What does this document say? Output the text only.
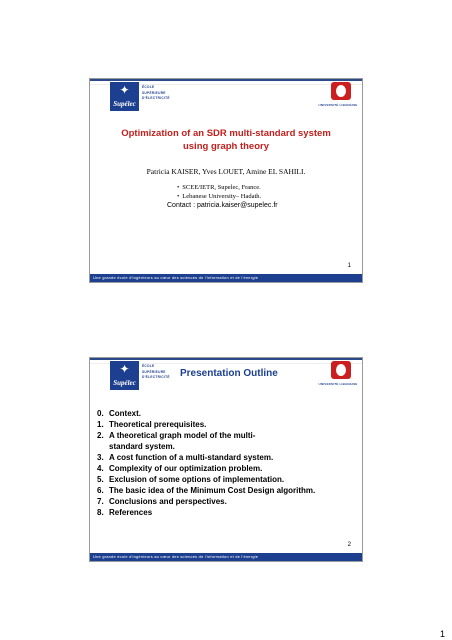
✦
Supélec
ÉCOLE
SUPÉRIEURE
D'ÉLECTRICITÉ
UNIVERSITÉ LIBANAISE
Optimization of an SDR multi-standard system
using graph theory
Patricia KAISER, Yves LOUET, Amine EL SAHILI.
• SCEE/IETR, Supelec, France.
• Lebanese University– Hadath.
Contact : patricia.kaiser@supelec.fr
1
Une grande école d'ingénieurs au cœur des sciences de l'information et de l'énergie
✦
Supélec
ÉCOLE
SUPÉRIEURE
D'ÉLECTRICITÉ Presentation Outline
UNIVERSITÉ LIBANAISE
0. Context.
1. Theoretical prerequisites.
2. A theoretical graph model of the multi-standard system.
3. A cost function of a multi-standard system.
4. Complexity of our optimization problem.
5. Exclusion of some options of implementation.
6. The basic idea of the Minimum Cost Design algorithm.
7. Conclusions and perspectives.
8. References
2
Une grande école d'ingénieurs au cœur des sciences de l'information et de l'énergie
1
